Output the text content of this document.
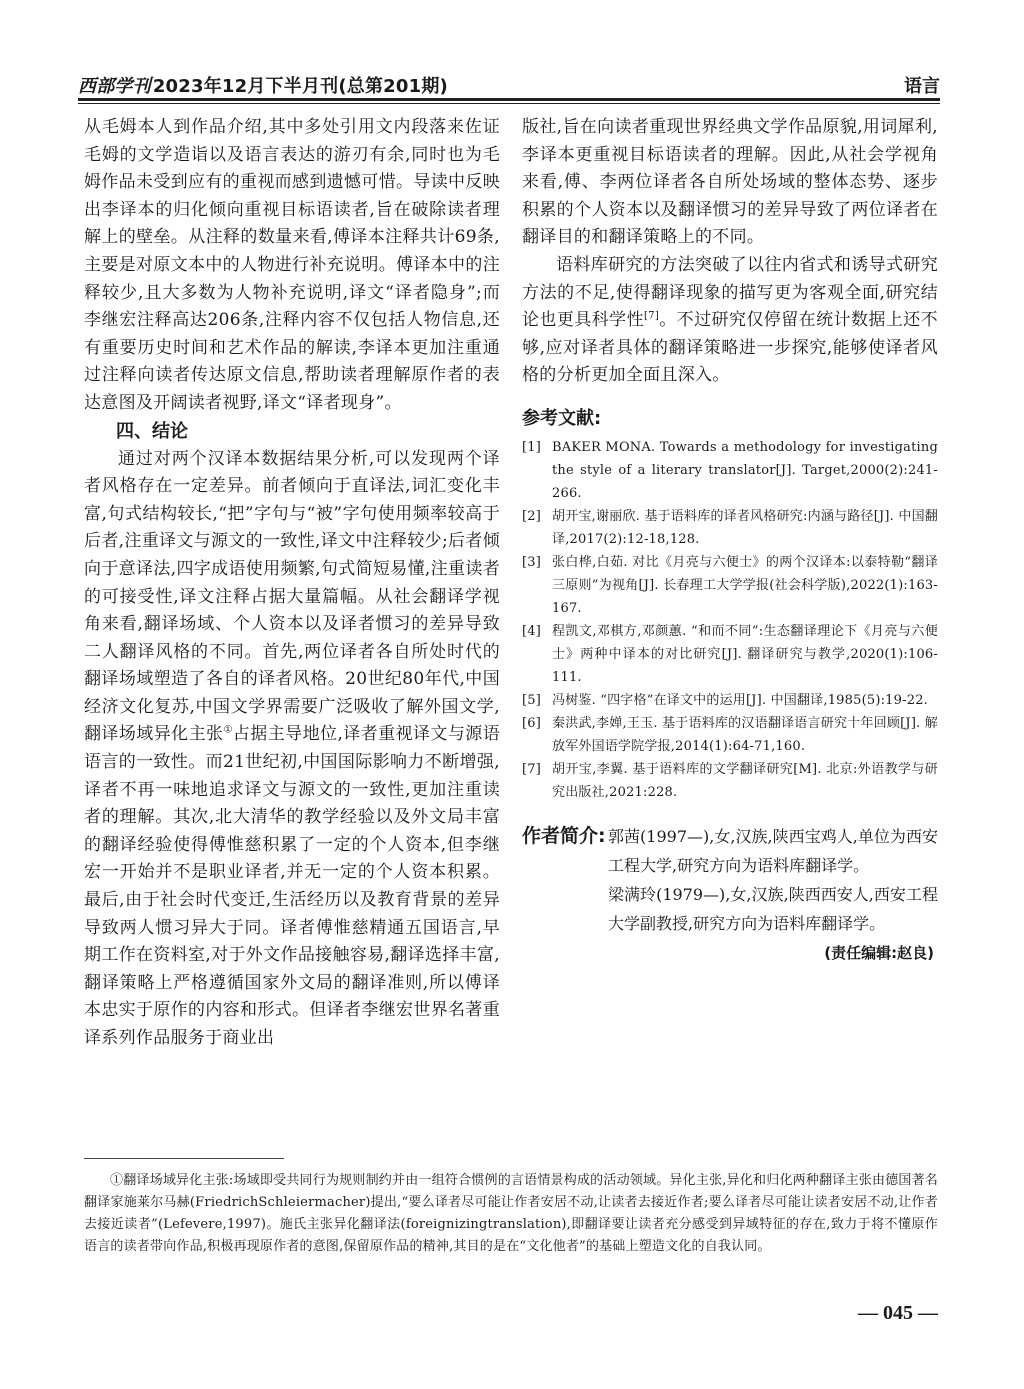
西部学刊 2023年12月下半月刊(总第201期)	语言

从毛姆本人到作品介绍,其中多处引用文内段落来佐证毛姆的文学造诣以及语言表达的游刃有余,同时也为毛姆作品未受到应有的重视而感到遗憾可惜。导读中反映出李译本的归化倾向重视目标语读者,旨在破除读者理解上的壁垒。从注释的数量来看,傅译本注释共计69条,主要是对原文本中的人物进行补充说明。傅译本中的注释较少,且大多数为人物补充说明,译文“译者隐身”;而李继宏注释高达206条,注释内容不仅包括人物信息,还有重要历史时间和艺术作品的解读,李译本更加注重通过注释向读者传达原文信息,帮助读者理解原作者的表达意图及开阔读者视野,译文“译者现身”。

四、结论

通过对两个汉译本数据结果分析,可以发现两个译者风格存在一定差异。前者倾向于直译法,词汇变化丰富,句式结构较长,“把”字句与“被”字句使用频率较高于后者,注重译文与源文的一致性,译文中注释较少;后者倾向于意译法,四字成语使用频繁,句式简短易懂,注重读者的可接受性,译文注释占据大量篇幅。从社会翻译学视角来看,翻译场域、个人资本以及译者惯习的差异导致二人翻译风格的不同。首先,两位译者各自所处时代的翻译场域塑造了各自的译者风格。20世纪80年代,中国经济文化复苏,中国文学界需要广泛吸收了解外国文学,翻译场域异化主张①占据主导地位,译者重视译文与源语语言的一致性。而21世纪初,中国国际影响力不断增强,译者不再一味地追求译文与源文的一致性,更加注重读者的理解。其次,北大清华的教学经验以及外文局丰富的翻译经验使得傅惟慈积累了一定的个人资本,但李继宏一开始并不是职业译者,并无一定的个人资本积累。最后,由于社会时代变迁,生活经历以及教育背景的差异导致两人惯习异大于同。译者傅惟慈精通五国语言,早期工作在资料室,对于外文作品接触容易,翻译选择丰富,翻译策略上严格遵循国家外文局的翻译准则,所以傅译本忠实于原作的内容和形式。但译者李继宏世界名著重译系列作品服务于商业出

版社,旨在向读者重现世界经典文学作品原貌,用词犀利,李译本更重视目标语读者的理解。因此,从社会学视角来看,傅、李两位译者各自所处场域的整体态势、逐步积累的个人资本以及翻译惯习的差异导致了两位译者在翻译目的和翻译策略上的不同。

语料库研究的方法突破了以往内省式和诱导式研究方法的不足,使得翻译现象的描写更为客观全面,研究结论也更具科学性[7]。不过研究仅停留在统计数据上还不够,应对译者具体的翻译策略进一步探究,能够使译者风格的分析更加全面且深入。

参考文献:
[1] BAKER MONA. Towards a methodology for investigating the style of a literary translator[J]. Target,2000(2):241-266.
[2] 胡开宝,谢丽欣. 基于语料库的译者风格研究:内涵与路径[J]. 中国翻译,2017(2):12-18,128.
[3] 张白桦,白茹. 对比《月亮与六便士》的两个汉译本:以泰特勒“翻译三原则”为视角[J]. 长春理工大学学报(社会科学版),2022(1):163-167.
[4] 程凯文,邓棋方,邓颜蕙. “和而不同”:生态翻译理论下《月亮与六便士》两种中译本的对比研究[J]. 翻译研究与教学,2020(1):106-111.
[5] 冯树鉴. “四字格”在译文中的运用[J]. 中国翻译,1985(5):19-22.
[6] 秦洪武,李婵,王玉. 基于语料库的汉语翻译语言研究十年回顾[J]. 解放军外国语学院学报,2014(1):64-71,160.
[7] 胡开宝,李翼. 基于语料库的文学翻译研究[M]. 北京:外语教学与研究出版社,2021:228.
作者简介: 郭茜(1997—),女,汉族,陕西宝鸡人,单位为西安工程大学,研究方向为语料库翻译学。

梁满玲(1979—),女,汉族,陕西西安人,西安工程大学副教授,研究方向为语料库翻译学。

(责任编辑:赵良)
①翻译场域异化主张:场域即受共同行为规则制约并由一组符合惯例的言语情景构成的活动领域。异化主张,异化和归化两种翻译主张由德国著名翻译家施莱尔马赫(FriedrichSchleiermacher)提出,“要么译者尽可能让作者安居不动,让读者去接近作者;要么译者尽可能让读者安居不动,让作者去接近读者”(Lefevere,1997)。施氏主张异化翻译法(foreignizingtranslation),即翻译要让读者充分感受到异域特征的存在,致力于将不懂原作语言的读者带向作品,积极再现原作者的意图,保留原作品的精神,其目的是在“文化他者”的基础上塑造文化的自我认同。
— 045 —
